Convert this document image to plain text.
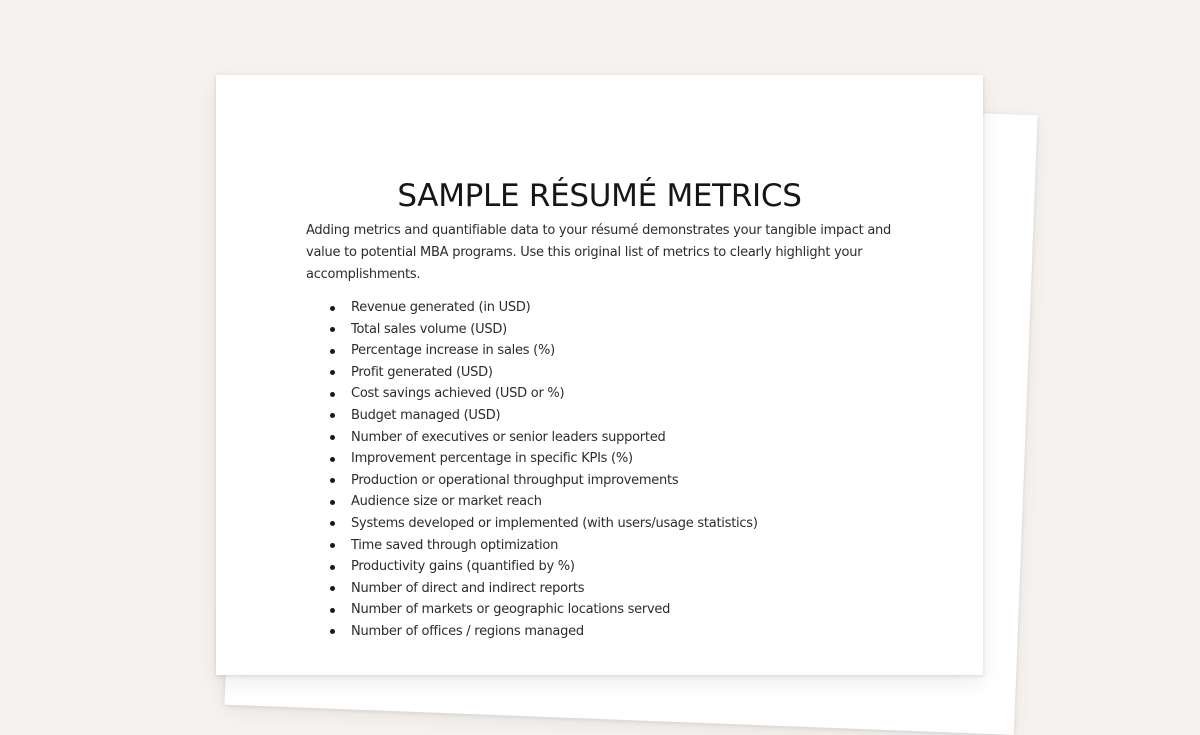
SAMPLE RÉSUMÉ METRICS

Adding metrics and quantifiable data to your résumé demonstrates your tangible impact and value to potential MBA programs. Use this original list of metrics to clearly highlight your accomplishments.

Revenue generated (in USD)
Total sales volume (USD)
Percentage increase in sales (%)
Profit generated (USD)
Cost savings achieved (USD or %)
Budget managed (USD)
Number of executives or senior leaders supported
Improvement percentage in specific KPIs (%)
Production or operational throughput improvements
Audience size or market reach
Systems developed or implemented (with users/usage statistics)
Time saved through optimization
Productivity gains (quantified by %)
Number of direct and indirect reports
Number of markets or geographic locations served
Number of offices / regions managed
